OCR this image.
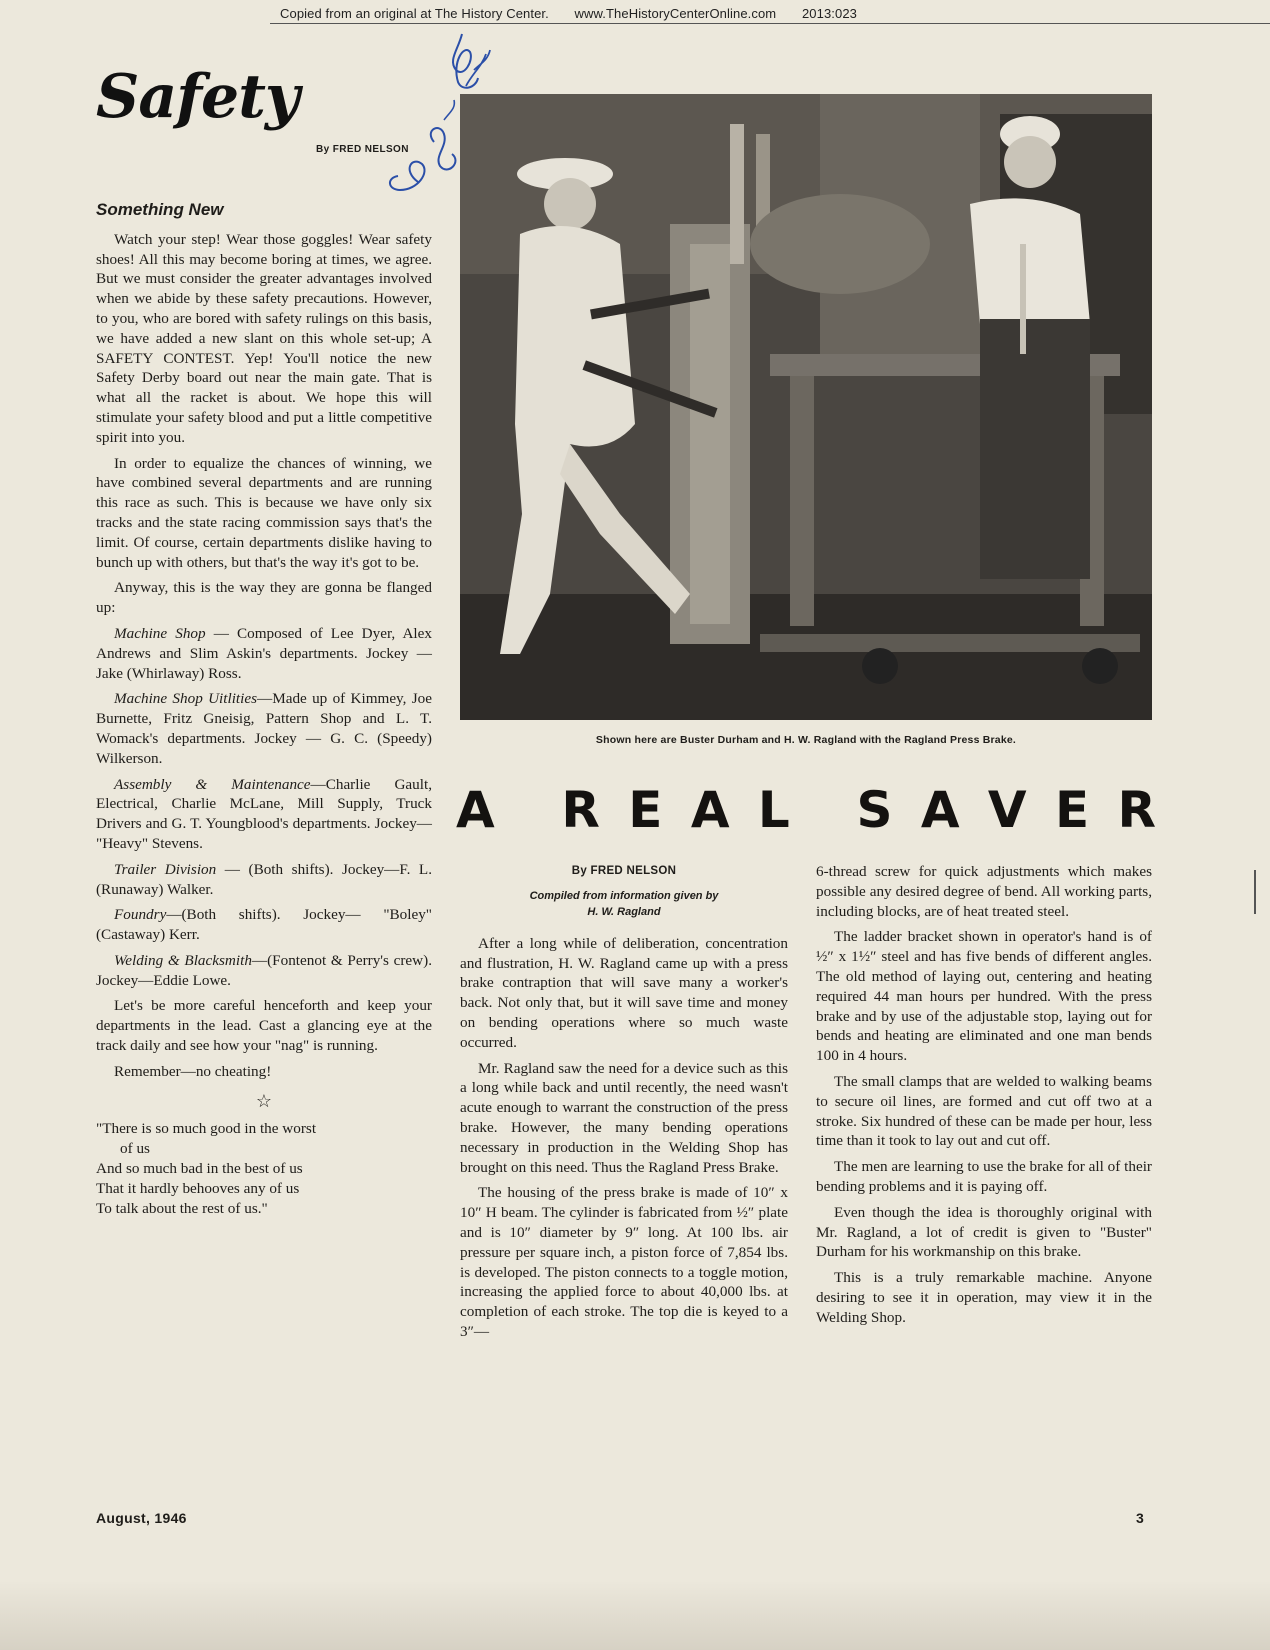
Copied from an original at The History Center. www.TheHistoryCenterOnline.com 2013:023
Safety
By FRED NELSON
Something New

Watch your step! Wear those goggles! Wear safety shoes! All this may become boring at times, we agree. But we must consider the greater advantages involved when we abide by these safety precautions. However, to you, who are bored with safety rulings on this basis, we have added a new slant on this whole set-up; A SAFETY CONTEST. Yep! You'll notice the new Safety Derby board out near the main gate. That is what all the racket is about. We hope this will stimulate your safety blood and put a little competitive spirit into you.

In order to equalize the chances of winning, we have combined several departments and are running this race as such. This is because we have only six tracks and the state racing commission says that's the limit. Of course, certain departments dislike having to bunch up with others, but that's the way it's got to be.

Anyway, this is the way they are gonna be flanged up:

Machine Shop — Composed of Lee Dyer, Alex Andrews and Slim Askin's departments. Jockey — Jake (Whirlaway) Ross.

Machine Shop Uitlities—Made up of Kimmey, Joe Burnette, Fritz Gneisig, Pattern Shop and L. T. Womack's departments. Jockey — G. C. (Speedy) Wilkerson.

Assembly & Maintenance—Charlie Gault, Electrical, Charlie McLane, Mill Supply, Truck Drivers and G. T. Youngblood's departments. Jockey— "Heavy" Stevens.

Trailer Division — (Both shifts). Jockey—F. L. (Runaway) Walker.

Foundry—(Both shifts). Jockey— "Boley" (Castaway) Kerr.

Welding & Blacksmith—(Fontenot & Perry's crew). Jockey—Eddie Lowe.

Let's be more careful henceforth and keep your departments in the lead. Cast a glancing eye at the track daily and see how your "nag" is running.

Remember—no cheating!

☆
"There is so much good in the worst
of us
And so much bad in the best of us
That it hardly behooves any of us
To talk about the rest of us."
Shown here are Buster Durham and H. W. Ragland with the Ragland Press Brake.
A R E A L S A V E R
By FRED NELSON
Compiled from information given by
H. W. Ragland

After a long while of deliberation, concentration and flustration, H. W. Ragland came up with a press brake contraption that will save many a worker's back. Not only that, but it will save time and money on bending operations where so much waste occurred.

Mr. Ragland saw the need for a device such as this a long while back and until recently, the need wasn't acute enough to warrant the construction of the press brake. However, the many bending operations necessary in production in the Welding Shop has brought on this need. Thus the Ragland Press Brake.

The housing of the press brake is made of 10″ x 10″ H beam. The cylinder is fabricated from ½″ plate and is 10″ diameter by 9″ long. At 100 lbs. air pressure per square inch, a piston force of 7,854 lbs. is developed. The piston connects to a toggle motion, increasing the applied force to about 40,000 lbs. at completion of each stroke. The top die is keyed to a 3″—

6-thread screw for quick adjustments which makes possible any desired degree of bend. All working parts, including blocks, are of heat treated steel.

The ladder bracket shown in operator's hand is of ½″ x 1½″ steel and has five bends of different angles. The old method of laying out, centering and heating required 44 man hours per hundred. With the press brake and by use of the adjustable stop, laying out for bends and heating are eliminated and one man bends 100 in 4 hours.

The small clamps that are welded to walking beams to secure oil lines, are formed and cut off two at a stroke. Six hundred of these can be made per hour, less time than it took to lay out and cut off.

The men are learning to use the brake for all of their bending problems and it is paying off.

Even though the idea is thoroughly original with Mr. Ragland, a lot of credit is given to "Buster" Durham for his workmanship on this brake.

This is a truly remarkable machine. Anyone desiring to see it in operation, may view it in the Welding Shop.

August, 1946	3
